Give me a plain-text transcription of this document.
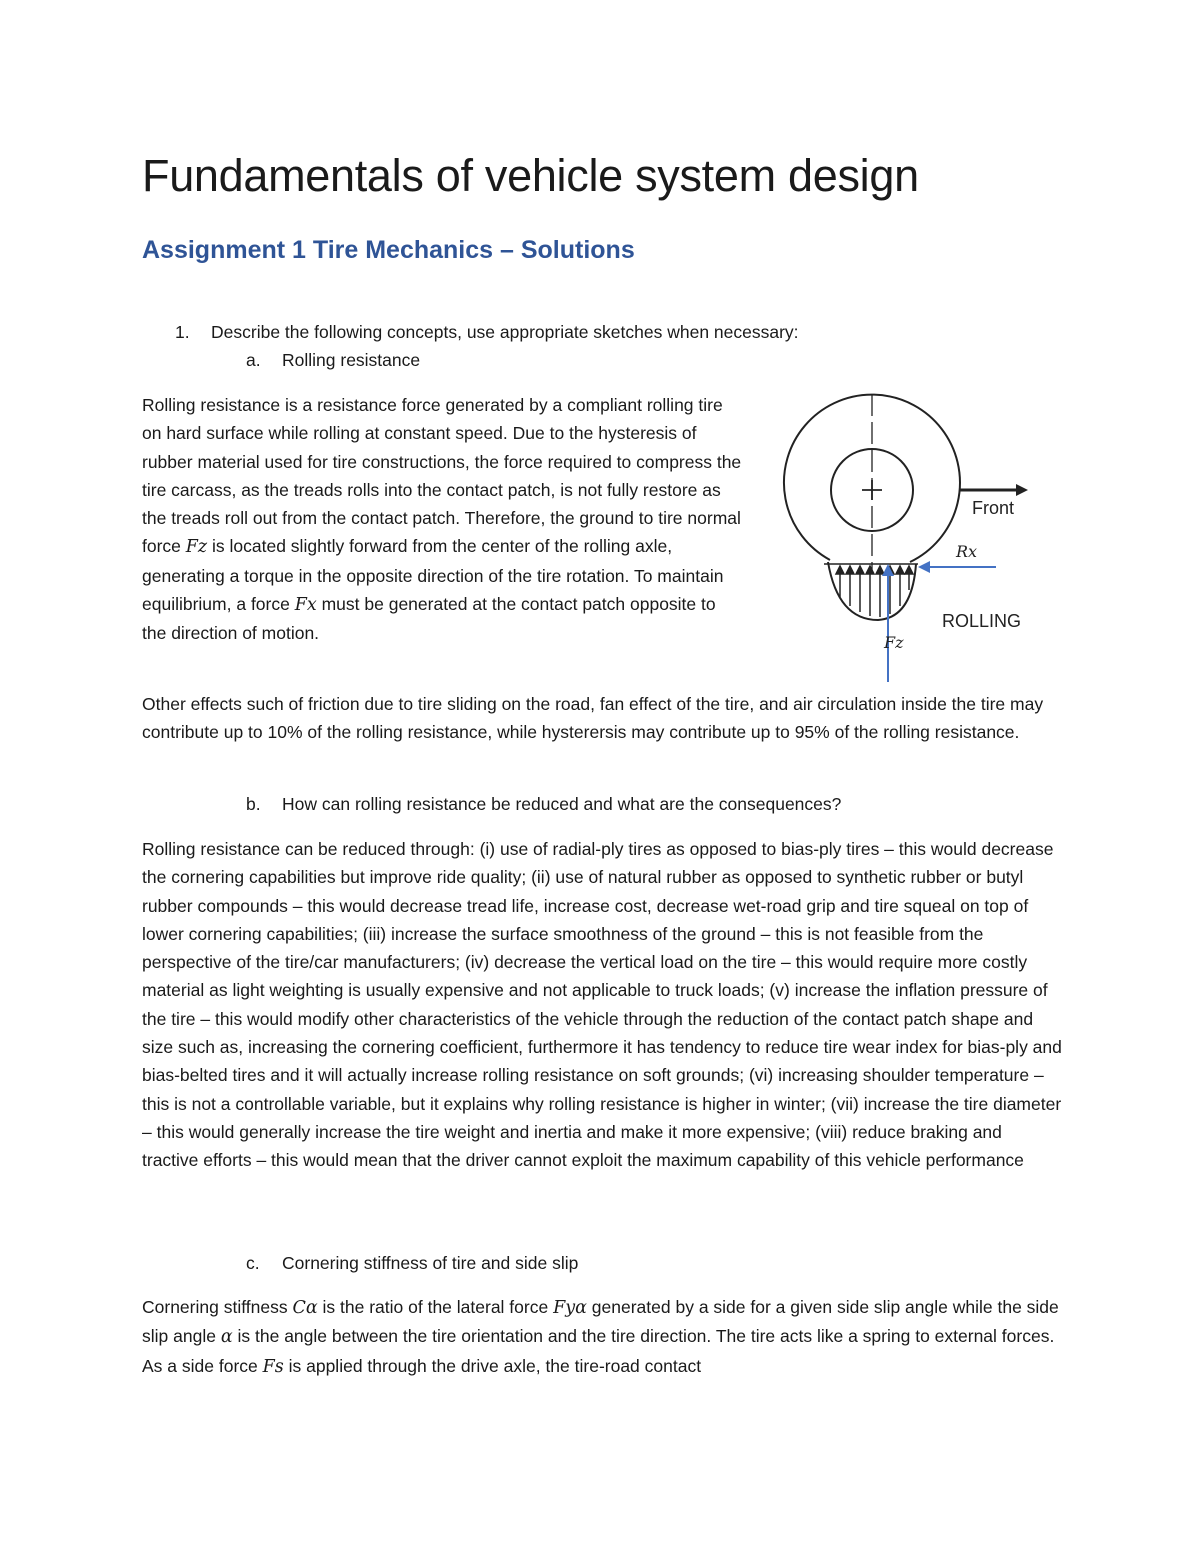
Fundamentals of vehicle system design
Assignment 1 Tire Mechanics – Solutions
1. Describe the following concepts, use appropriate sketches when necessary:
a. Rolling resistance

Rolling resistance is a resistance force generated by a compliant rolling tire on hard surface while rolling at constant speed. Due to the hysteresis of rubber material used for tire constructions, the force required to compress the tire carcass, as the treads rolls into the contact patch, is not fully restore as the treads roll out from the contact patch. Therefore, the ground to tire normal force Fz is located slightly forward from the center of the rolling axle, generating a torque in the opposite direction of the tire rotation. To maintain equilibrium, a force Fx must be generated at the contact patch opposite to the direction of motion.

Front
Rx
Fz
ROLLING

Other effects such of friction due to tire sliding on the road, fan effect of the tire, and air circulation inside the tire may contribute up to 10% of the rolling resistance, while hysterersis may contribute up to 95% of the rolling resistance.

b. How can rolling resistance be reduced and what are the consequences?

Rolling resistance can be reduced through: (i) use of radial-ply tires as opposed to bias-ply tires – this would decrease the cornering capabilities but improve ride quality; (ii) use of natural rubber as opposed to synthetic rubber or butyl rubber compounds – this would decrease tread life, increase cost, decrease wet-road grip and tire squeal on top of lower cornering capabilities; (iii) increase the surface smoothness of the ground – this is not feasible from the perspective of the tire/car manufacturers; (iv) decrease the vertical load on the tire – this would require more costly material as light weighting is usually expensive and not applicable to truck loads; (v) increase the inflation pressure of the tire – this would modify other characteristics of the vehicle through the reduction of the contact patch shape and size such as, increasing the cornering coefficient, furthermore it has tendency to reduce tire wear index for bias-ply and bias-belted tires and it will actually increase rolling resistance on soft grounds; (vi) increasing shoulder temperature – this is not a controllable variable, but it explains why rolling resistance is higher in winter; (vii) increase the tire diameter – this would generally increase the tire weight and inertia and make it more expensive; (viii) reduce braking and tractive efforts – this would mean that the driver cannot exploit the maximum capability of this vehicle performance

c. Cornering stiffness of tire and side slip

Cornering stiffness Cα is the ratio of the lateral force Fyα generated by a side for a given side slip angle while the side slip angle α is the angle between the tire orientation and the tire direction. The tire acts like a spring to external forces. As a side force Fs is applied through the drive axle, the tire-road contact
